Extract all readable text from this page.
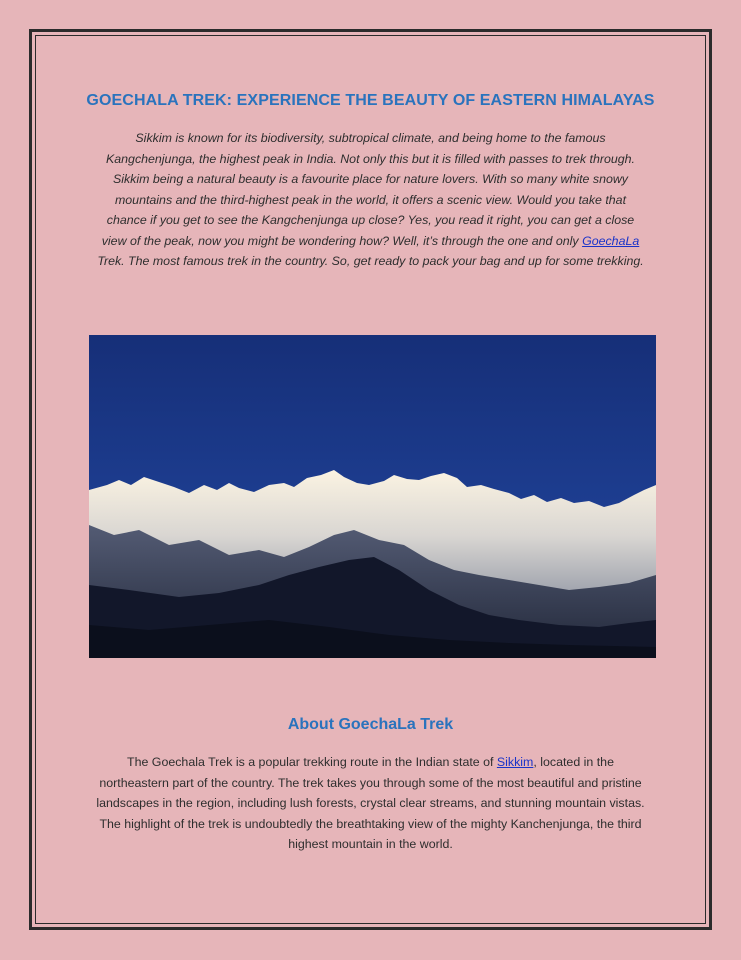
GOECHALA TREK: EXPERIENCE THE BEAUTY OF EASTERN HIMALAYAS

Sikkim is known for its biodiversity, subtropical climate, and being home to the famous Kangchenjunga, the highest peak in India. Not only this but it is filled with passes to trek through. Sikkim being a natural beauty is a favourite place for nature lovers. With so many white snowy mountains and the third-highest peak in the world, it offers a scenic view. Would you take that chance if you get to see the Kangchenjunga up close? Yes, you read it right, you can get a close view of the peak, now you might be wondering how? Well, it’s through the one and only GoechaLa Trek. The most famous trek in the country. So, get ready to pack your bag and up for some trekking.

About GoechaLa Trek

The Goechala Trek is a popular trekking route in the Indian state of Sikkim, located in the northeastern part of the country. The trek takes you through some of the most beautiful and pristine landscapes in the region, including lush forests, crystal clear streams, and stunning mountain vistas. The highlight of the trek is undoubtedly the breathtaking view of the mighty Kanchenjunga, the third highest mountain in the world.
